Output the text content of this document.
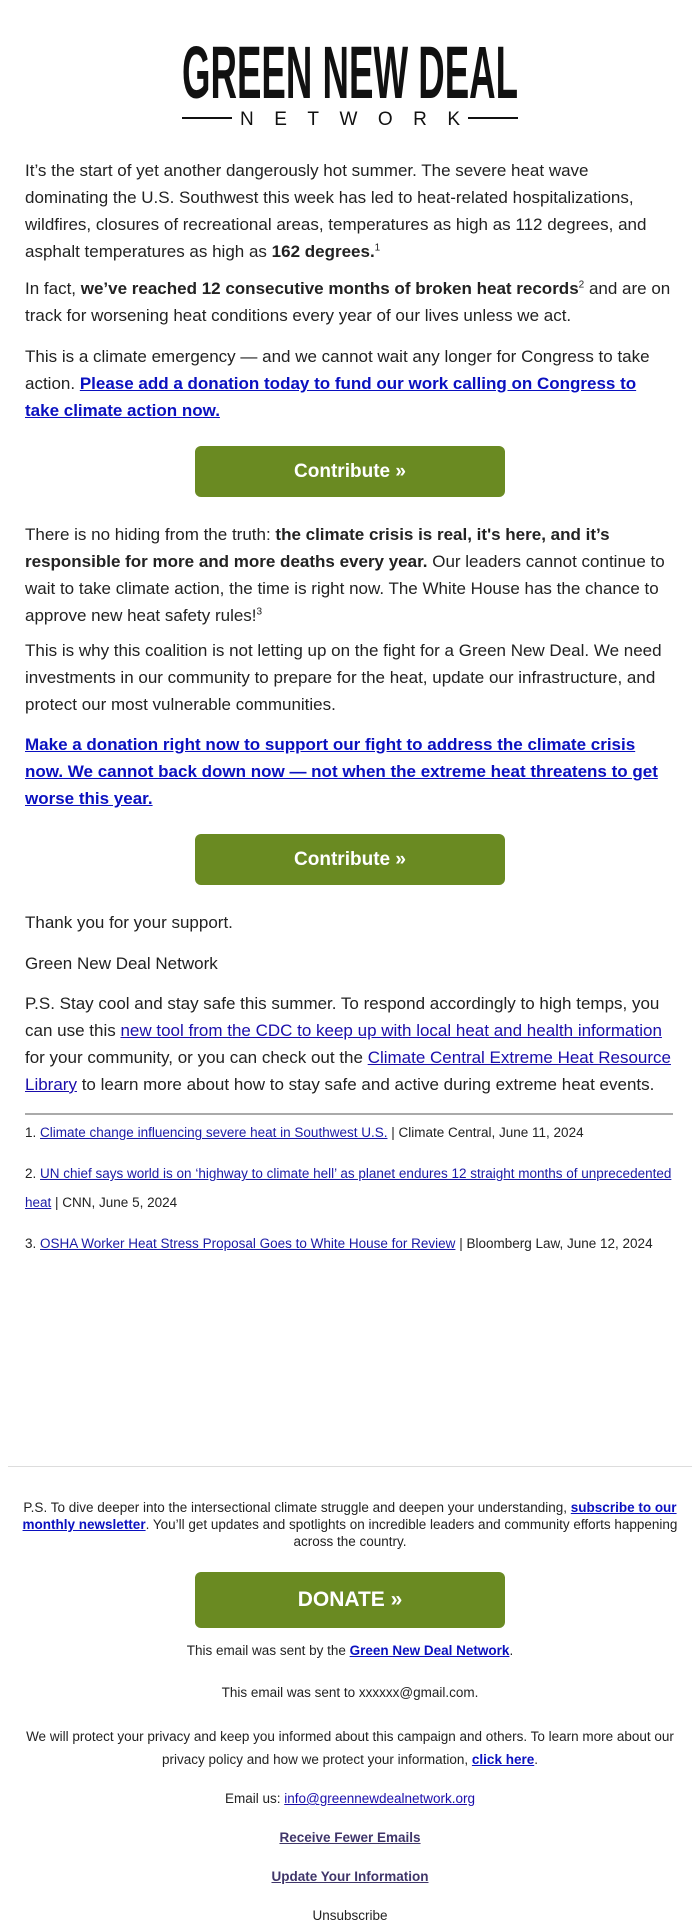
GREEN NEW DEAL
NETWORK

It’s the start of yet another dangerously hot summer. The severe heat wave dominating the U.S. Southwest this week has led to heat-related hospitalizations, wildfires, closures of recreational areas, temperatures as high as 112 degrees, and asphalt temperatures as high as 162 degrees.$^1$

In fact, we’ve reached 12 consecutive months of broken heat records$^2$ and are on track for worsening heat conditions every year of our lives unless we act.

This is a climate emergency — and we cannot wait any longer for Congress to take action. Please add a donation today to fund our work calling on Congress to take climate action now.

Contribute »

There is no hiding from the truth: the climate crisis is real, it's here, and it’s responsible for more and more deaths every year. Our leaders cannot continue to wait to take climate action, the time is right now. The White House has the chance to approve new heat safety rules!$^3$

This is why this coalition is not letting up on the fight for a Green New Deal. We need investments in our community to prepare for the heat, update our infrastructure, and protect our most vulnerable communities.

Make a donation right now to support our fight to address the climate crisis now. We cannot back down now — not when the extreme heat threatens to get worse this year.

Contribute »

Thank you for your support.

Green New Deal Network

P.S. Stay cool and stay safe this summer. To respond accordingly to high temps, you can use this new tool from the CDC to keep up with local heat and health information for your community, or you can check out the Climate Central Extreme Heat Resource Library to learn more about how to stay safe and active during extreme heat events.

1. Climate change influencing severe heat in Southwest U.S. | Climate Central, June 11, 2024
2. UN chief says world is on ‘highway to climate hell’ as planet endures 12 straight months of unprecedented heat | CNN, June 5, 2024
3. OSHA Worker Heat Stress Proposal Goes to White House for Review | Bloomberg Law, June 12, 2024
P.S. To dive deeper into the intersectional climate struggle and deepen your understanding, subscribe to our monthly newsletter. You’ll get updates and spotlights on incredible leaders and community efforts happening across the country.
DONATE »
This email was sent by the Green New Deal Network.
This email was sent to xxxxxx@gmail.com.
We will protect your privacy and keep you informed about this campaign and others. To learn more about our privacy policy and how we protect your information, click here.
Email us: info@greennewdealnetwork.org
Receive Fewer Emails
Update Your Information
Unsubscribe
